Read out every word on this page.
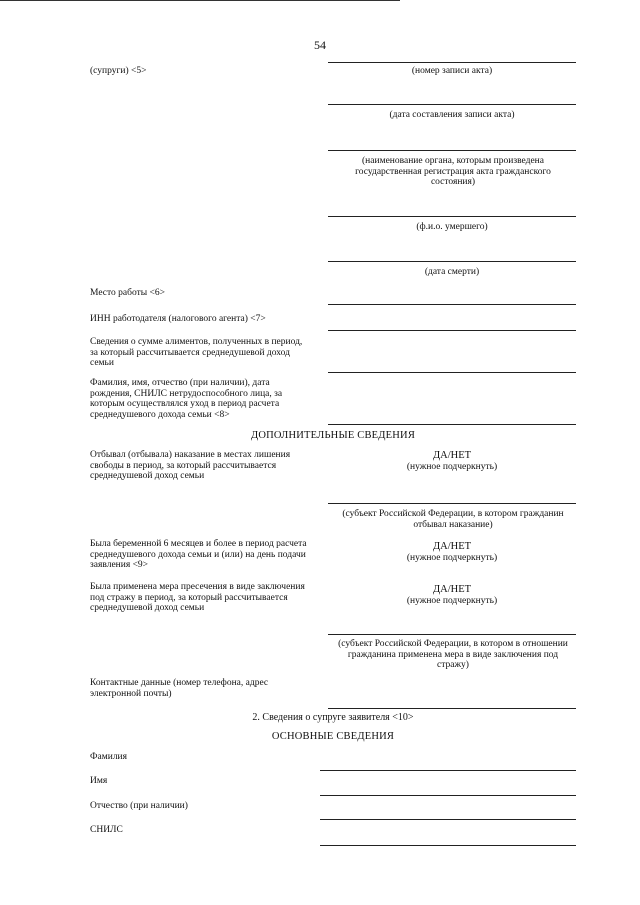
54
(супруги) <5>	(номер записи акта)
(дата составления записи акта)
(наименование органа, которым произведена государственная регистрация акта гражданского состояния)
(ф.и.о. умершего)
(дата смерти)
Место работы <6>
ИНН работодателя (налогового агента) <7>
Сведения о сумме алиментов, полученных в период, за который рассчитывается среднедушевой доход семьи
Фамилия, имя, отчество (при наличии), дата рождения, СНИЛС нетрудоспособного лица, за которым осуществлялся уход в период расчета среднедушевого дохода семьи <8>
ДОПОЛНИТЕЛЬНЫЕ СВЕДЕНИЯ
Отбывал (отбывала) наказание в местах лишения свободы в период, за который рассчитывается среднедушевой доход семьи
ДА/НЕТ
(нужное подчеркнуть)
(субъект Российской Федерации, в котором гражданин отбывал наказание)
Была беременной 6 месяцев и более в период расчета среднедушевого дохода семьи и (или) на день подачи заявления <9>
ДА/НЕТ
(нужное подчеркнуть)
Была применена мера пресечения в виде заключения под стражу в период, за который рассчитывается среднедушевой доход семьи
ДА/НЕТ
(нужное подчеркнуть)
(субъект Российской Федерации, в котором в отношении гражданина применена мера в виде заключения под стражу)
Контактные данные (номер телефона, адрес электронной почты)
2. Сведения о супруге заявителя <10>
ОСНОВНЫЕ СВЕДЕНИЯ
Фамилия
Имя
Отчество (при наличии)
СНИЛС
